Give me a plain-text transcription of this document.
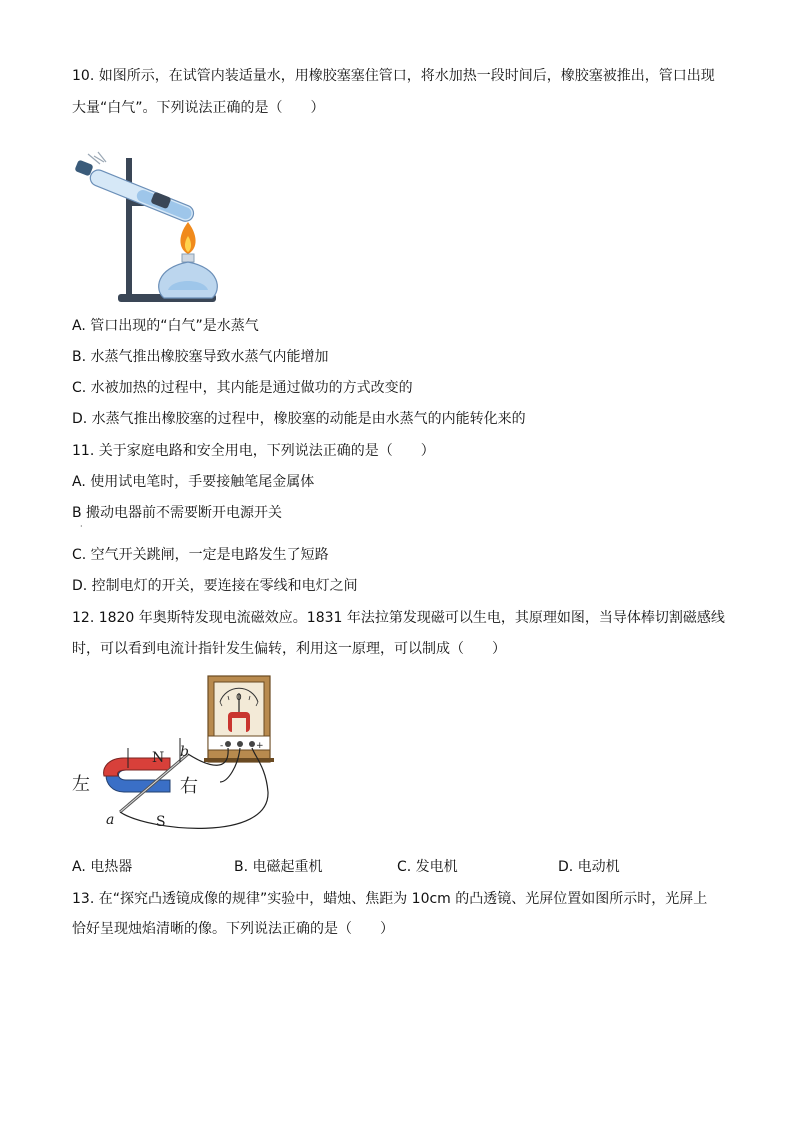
10. 如图所示，在试管内装适量水，用橡胶塞塞住管口，将水加热一段时间后，橡胶塞被推出，管口出现
大量“白气”。下列说法正确的是（　　）
A. 管口出现的“白气”是水蒸气
B. 水蒸气推出橡胶塞导致水蒸气内能增加
C. 水被加热的过程中，其内能是通过做功的方式改变的
D. 水蒸气推出橡胶塞的过程中，橡胶塞的动能是由水蒸气的内能转化来的
11. 关于家庭电路和安全用电，下列说法正确的是（　　）
A. 使用试电笔时，手要接触笔尾金属体
B 搬动电器前不需要断开电源开关
·
C. 空气开关跳闸，一定是电路发生了短路
D. 控制电灯的开关，要连接在零线和电灯之间
12. 1820 年奥斯特发现电流磁效应。1831 年法拉第发现磁可以生电，其原理如图，当导体棒切割磁感线
时，可以看到电流计指针发生偏转，利用这一原理，可以制成（　　）
0
-	+
左	右
N
S
a
b
A. 电热器	B. 电磁起重机	C. 发电机	D. 电动机
13. 在“探究凸透镜成像的规律”实验中，蜡烛、焦距为 10cm 的凸透镜、光屏位置如图所示时，光屏上
恰好呈现烛焰清晰的像。下列说法正确的是（　　）
